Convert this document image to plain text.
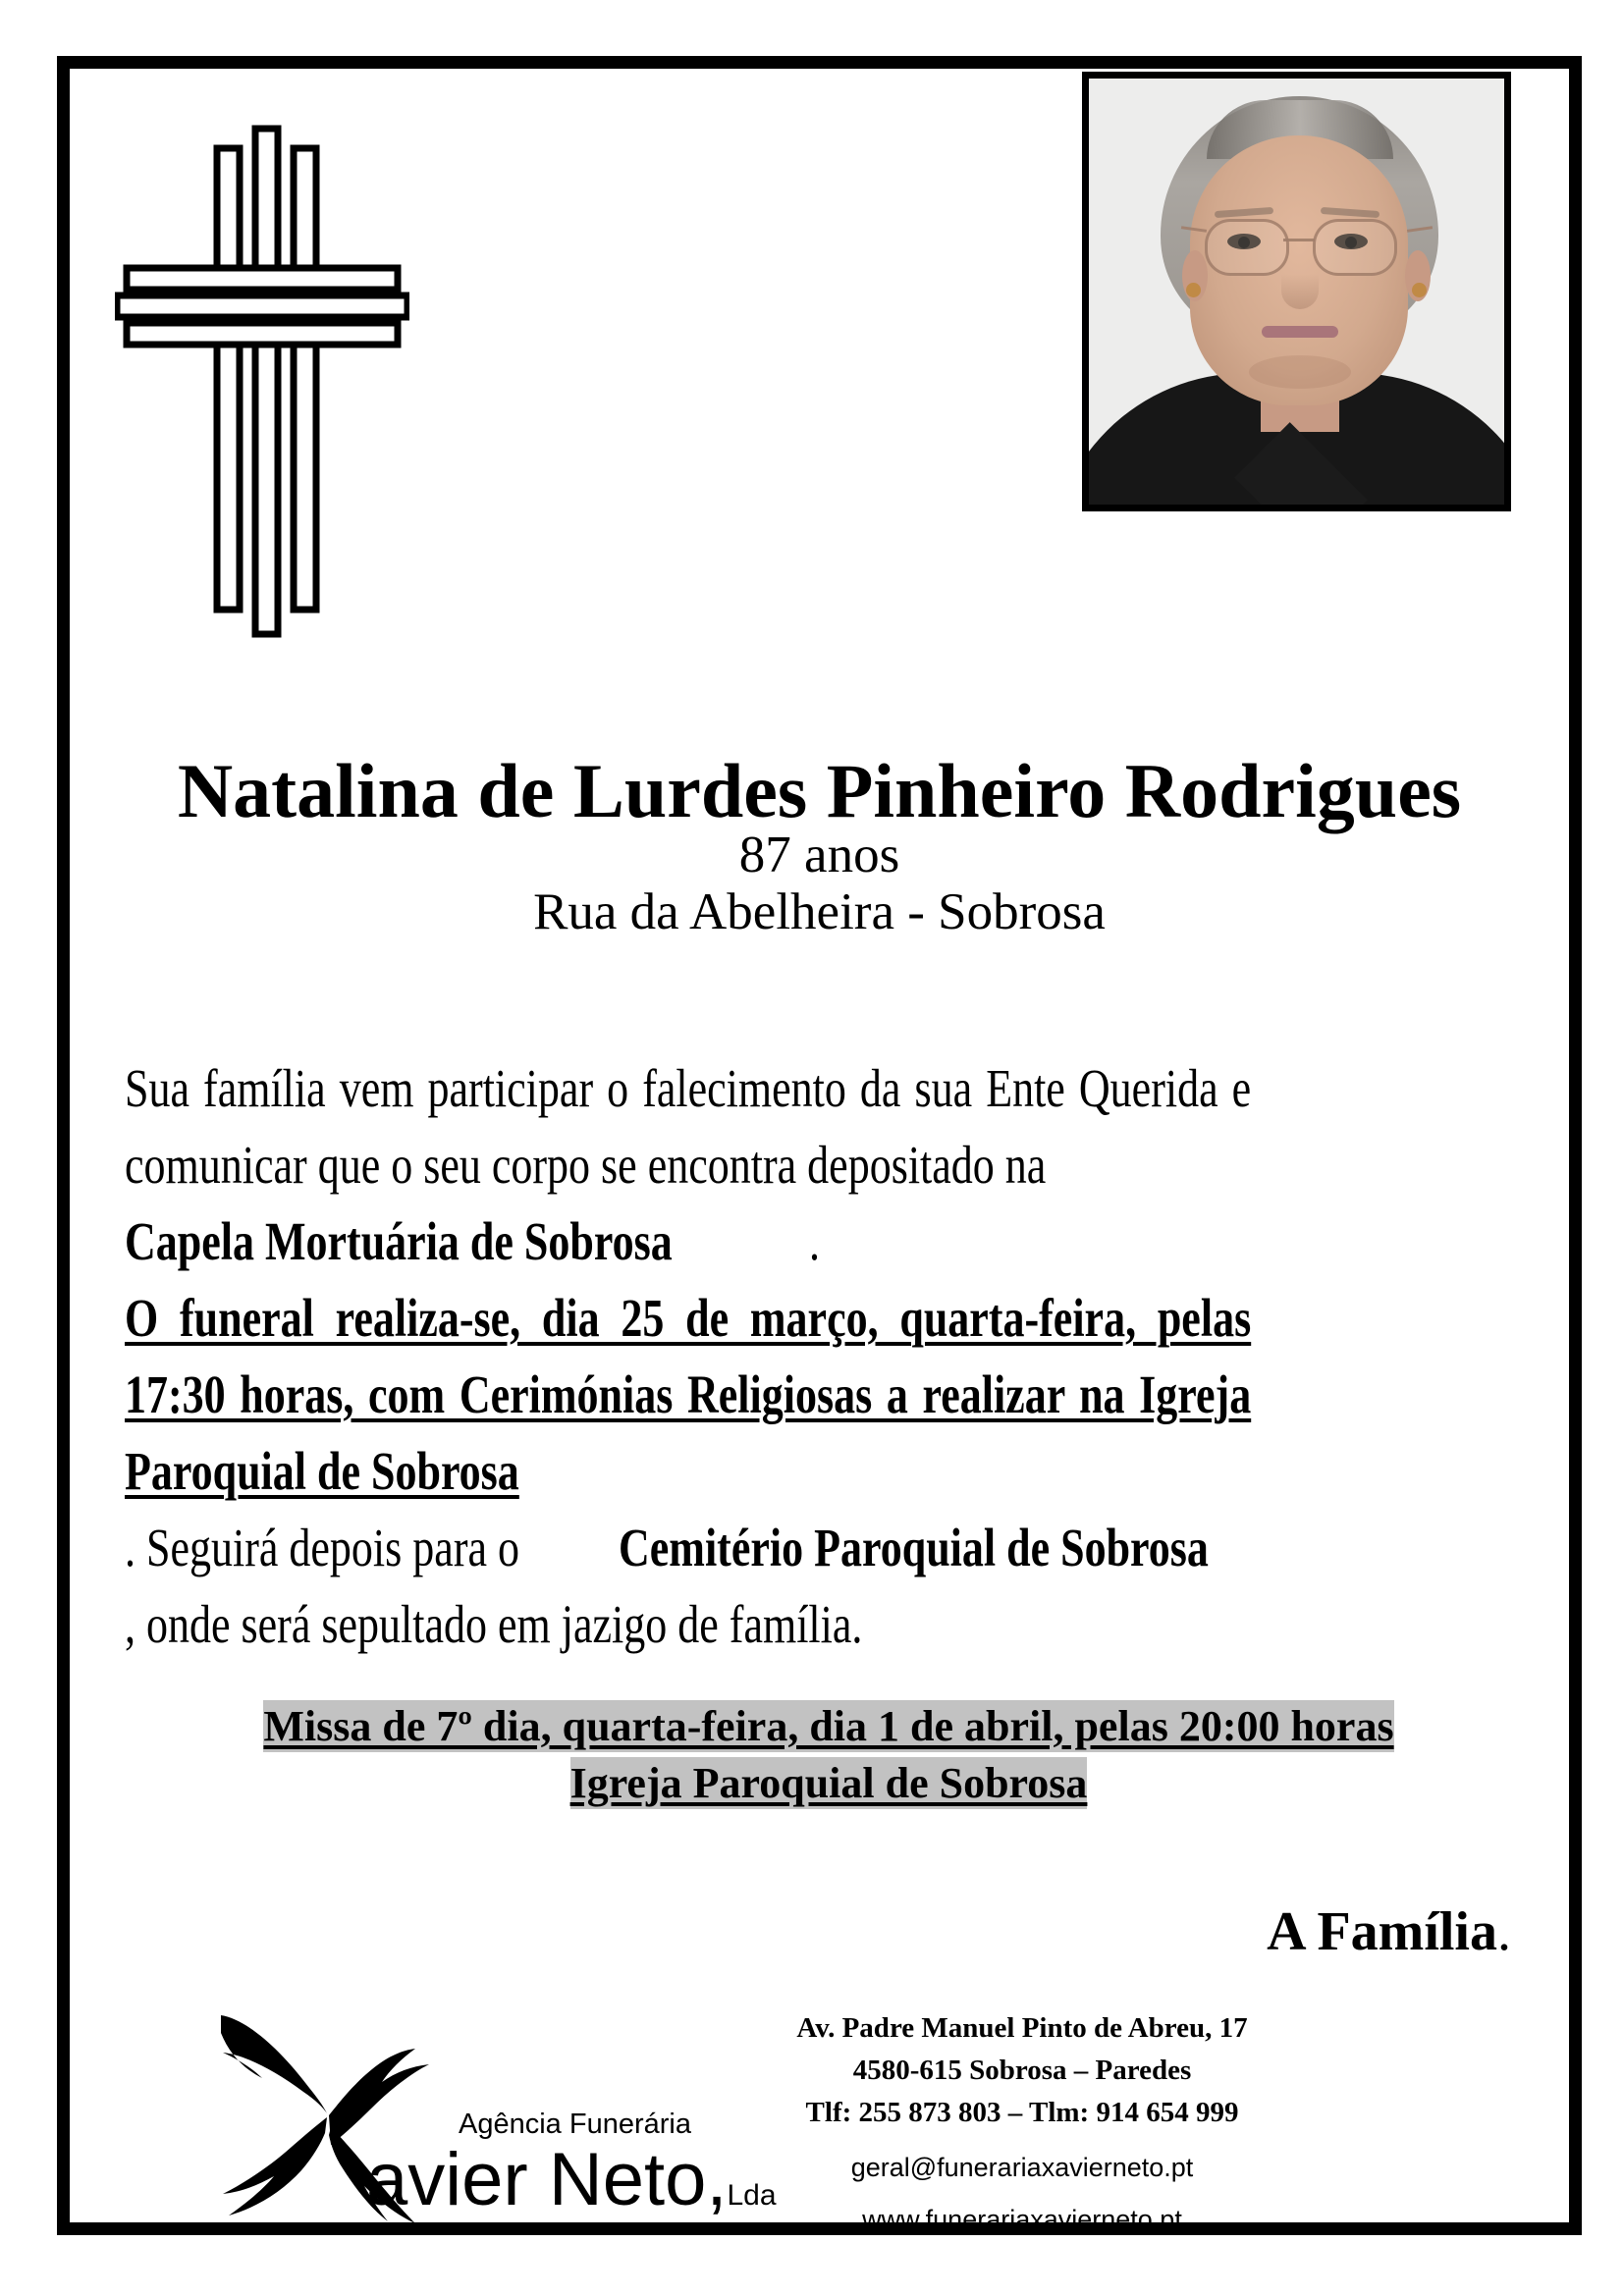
Natalina de Lurdes Pinheiro Rodrigues
87 anos
Rua da Abelheira - Sobrosa

Sua família vem participar o falecimento da sua Ente Querida e comunicar que o seu corpo se encontra depositado naCapela Mortuária de Sobrosa	.O funeral realiza-se, dia 25 de março, quarta-feira, pelas 17:30 horas, com Cerimónias Religiosas a realizar na Igreja Paroquial de Sobrosa. Seguirá depois para oCemitério Paroquial de Sobrosa, onde será sepultado em jazigo de família.

Missa de 7º dia, quarta-feira, dia 1 de abril, pelas 20:00 horas
Igreja Paroquial de Sobrosa
A Família.
Agência Funerária
avier Neto,Lda
Av. Padre Manuel Pinto de Abreu, 17
4580-615 Sobrosa – Paredes
Tlf: 255 873 803 – Tlm: 914 654 999
geral@funerariaxavierneto.pt
www.funerariaxavierneto.pt
